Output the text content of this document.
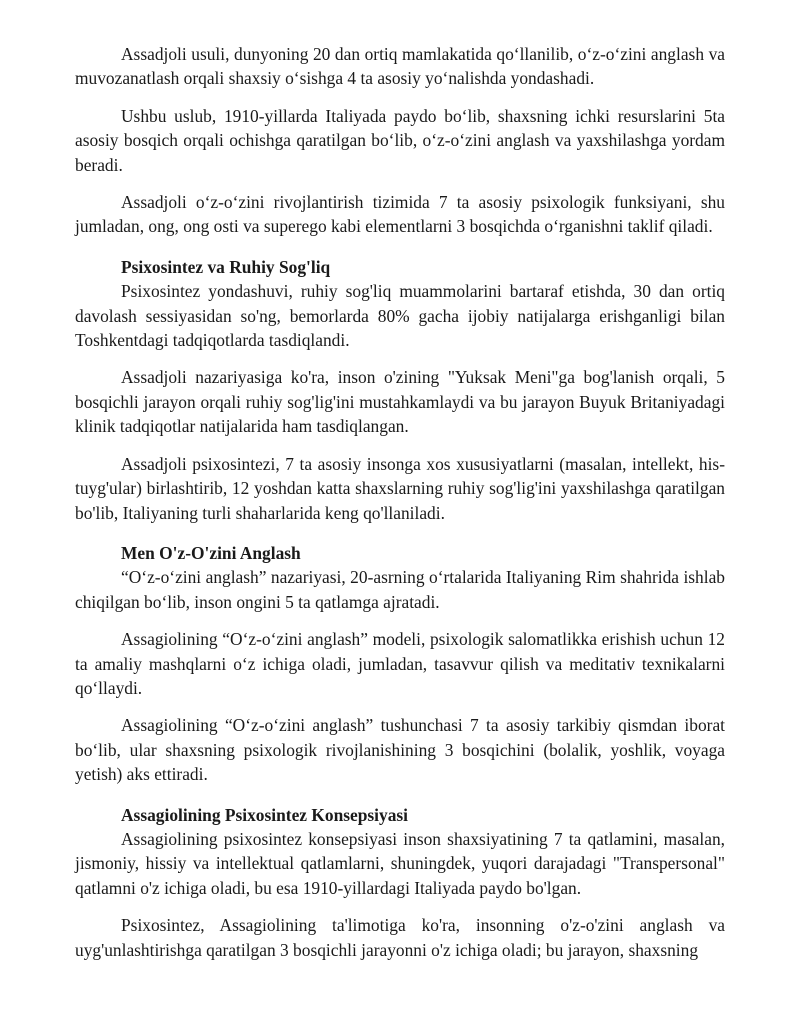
Assadjoli usuli, dunyoning 20 dan ortiq mamlakatida qo‘llanilib, o‘z-o‘zini anglash va muvozanatlash orqali shaxsiy o‘sishga 4 ta asosiy yo‘nalishda yondashadi.

Ushbu uslub, 1910-yillarda Italiyada paydo bo‘lib, shaxsning ichki resurslarini 5ta asosiy bosqich orqali ochishga qaratilgan bo‘lib, o‘z-o‘zini anglash va yaxshilashga yordam beradi.

Assadjoli o‘z-o‘zini rivojlantirish tizimida 7 ta asosiy psixologik funksiyani, shu jumladan, ong, ong osti va superego kabi elementlarni 3 bosqichda o‘rganishni taklif qiladi.

Psixosintez va Ruhiy Sog'liq

Psixosintez yondashuvi, ruhiy sog'liq muammolarini bartaraf etishda, 30 dan ortiq davolash sessiyasidan so'ng, bemorlarda 80% gacha ijobiy natijalarga erishganligi bilan Toshkentdagi tadqiqotlarda tasdiqlandi.

Assadjoli nazariyasiga ko'ra, inson o'zining "Yuksak Meni"ga bog'lanish orqali, 5 bosqichli jarayon orqali ruhiy sog'lig'ini mustahkamlaydi va bu jarayon Buyuk Britaniyadagi klinik tadqiqotlar natijalarida ham tasdiqlangan.

Assadjoli psixosintezi, 7 ta asosiy insonga xos xususiyatlarni (masalan, intellekt, his-tuyg'ular) birlashtirib, 12 yoshdan katta shaxslarning ruhiy sog'lig'ini yaxshilashga qaratilgan bo'lib, Italiyaning turli shaharlarida keng qo'llaniladi.

Men O'z-O'zini Anglash

“O‘z-o‘zini anglash” nazariyasi, 20-asrning o‘rtalarida Italiyaning Rim shahrida ishlab chiqilgan bo‘lib, inson ongini 5 ta qatlamga ajratadi.

Assagiolining “O‘z-o‘zini anglash” modeli, psixologik salomatlikka erishish uchun 12 ta amaliy mashqlarni o‘z ichiga oladi, jumladan, tasavvur qilish va meditativ texnikalarni qo‘llaydi.

Assagiolining “O‘z-o‘zini anglash” tushunchasi 7 ta asosiy tarkibiy qismdan iborat bo‘lib, ular shaxsning psixologik rivojlanishining 3 bosqichini (bolalik, yoshlik, voyaga yetish) aks ettiradi.

Assagiolining Psixosintez Konsepsiyasi

Assagiolining psixosintez konsepsiyasi inson shaxsiyatining 7 ta qatlamini, masalan, jismoniy, hissiy va intellektual qatlamlarni, shuningdek, yuqori darajadagi "Transpersonal" qatlamni o'z ichiga oladi, bu esa 1910-yillardagi Italiyada paydo bo'lgan.

Psixosintez, Assagiolining ta'limotiga ko'ra, insonning o'z-o'zini anglash va uyg'unlashtirishga qaratilgan 3 bosqichli jarayonni o'z ichiga oladi; bu jarayon, shaxsning
